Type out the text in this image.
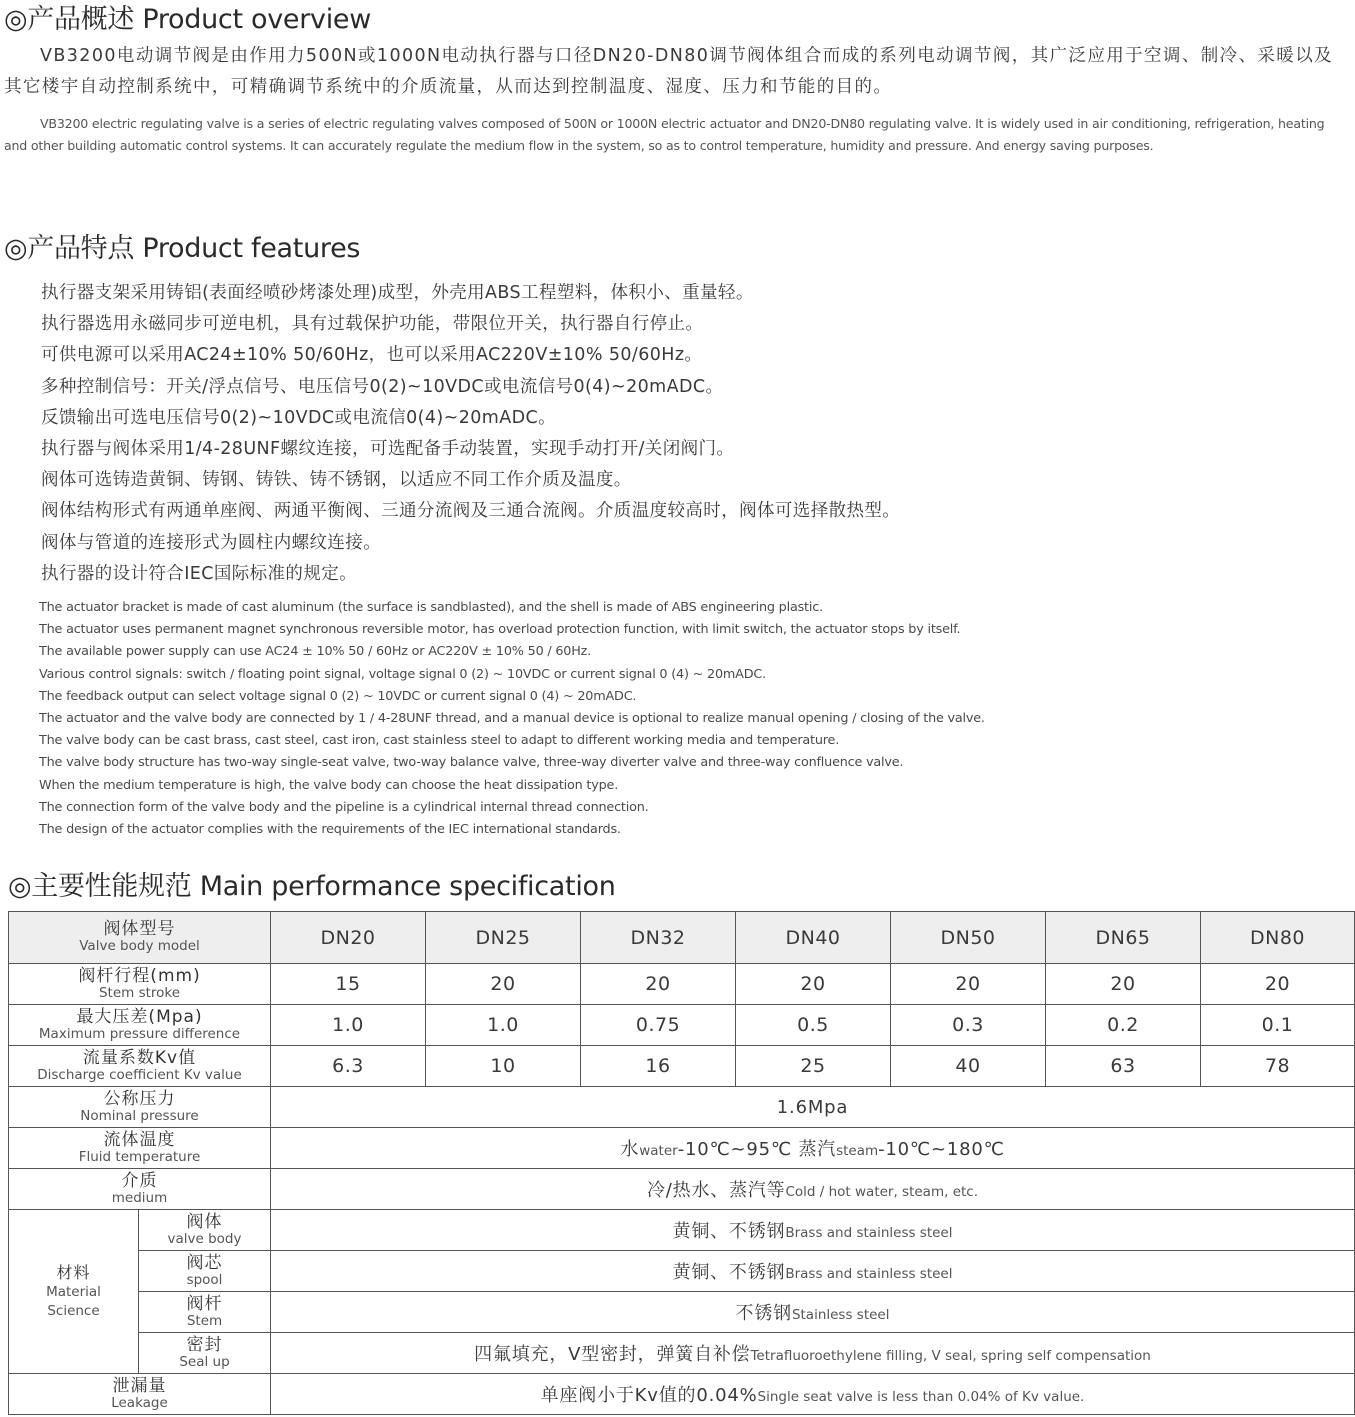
◎产品概述 Product overview

VB3200电动调节阀是由作用力500N或1000N电动执行器与口径DN20-DN80调节阀体组合而成的系列电动调节阀，其广泛应用于空调、制冷、采暖以及其它楼宇自动控制系统中，可精确调节系统中的介质流量，从而达到控制温度、湿度、压力和节能的目的。

VB3200 electric regulating valve is a series of electric regulating valves composed of 500N or 1000N electric actuator and DN20-DN80 regulating valve. It is widely used in air conditioning, refrigeration, heating and other building automatic control systems. It can accurately regulate the medium flow in the system, so as to control temperature, humidity and pressure. And energy saving purposes.

◎产品特点 Product features
执行器支架采用铸铝(表面经喷砂烤漆处理)成型，外壳用ABS工程塑料，体积小、重量轻。
执行器选用永磁同步可逆电机，具有过载保护功能，带限位开关，执行器自行停止。
可供电源可以采用AC24±10% 50/60Hz，也可以采用AC220V±10% 50/60Hz。
多种控制信号：开关/浮点信号、电压信号0(2)~10VDC或电流信号0(4)~20mADC。
反馈输出可选电压信号0(2)~10VDC或电流信0(4)~20mADC。
执行器与阀体采用1/4-28UNF螺纹连接，可选配备手动装置，实现手动打开/关闭阀门。
阀体可选铸造黄铜、铸钢、铸铁、铸不锈钢，以适应不同工作介质及温度。
阀体结构形式有两通单座阀、两通平衡阀、三通分流阀及三通合流阀。介质温度较高时，阀体可选择散热型。
阀体与管道的连接形式为圆柱内螺纹连接。
执行器的设计符合IEC国际标准的规定。
The actuator bracket is made of cast aluminum (the surface is sandblasted), and the shell is made of ABS engineering plastic.
The actuator uses permanent magnet synchronous reversible motor, has overload protection function, with limit switch, the actuator stops by itself.
The available power supply can use AC24 ± 10% 50 / 60Hz or AC220V ± 10% 50 / 60Hz.
Various control signals: switch / floating point signal, voltage signal 0 (2) ~ 10VDC or current signal 0 (4) ~ 20mADC.
The feedback output can select voltage signal 0 (2) ~ 10VDC or current signal 0 (4) ~ 20mADC.
The actuator and the valve body are connected by 1 / 4-28UNF thread, and a manual device is optional to realize manual opening / closing of the valve.
The valve body can be cast brass, cast steel, cast iron, cast stainless steel to adapt to different working media and temperature.
The valve body structure has two-way single-seat valve, two-way balance valve, three-way diverter valve and three-way confluence valve.
When the medium temperature is high, the valve body can choose the heat dissipation type.
The connection form of the valve body and the pipeline is a cylindrical internal thread connection.
The design of the actuator complies with the requirements of the IEC international standards.
◎主要性能规范 Main performance specification
阀体型号
Valve body model		DN20	DN25	DN32	DN40	DN50	DN65	DN80

阀杆行程(mm)
Stem stroke		15	20	20	20	20	20	20

最大压差(Mpa)
Maximum pressure difference		1.0	1.0	0.75	0.5	0.3	0.2	0.1

流量系数Kv值
Discharge coefficient Kv value		6.3	10	16	25	40	63	78

公称压力
Nominal pressure		1.6Mpa						

流体温度
Fluid temperature		水water-10℃~95℃ 蒸汽steam-10℃~180℃						

介质
medium		冷/热水、蒸汽等Cold / hot water, steam, etc.						

材料
Material
Science	阀体
valve body	黄铜、不锈钢Brass and stainless steel						

	阀芯
spool	黄铜、不锈钢Brass and stainless steel						

	阀杆
Stem	不锈钢Stainless steel						

	密封
Seal up	四氟填充，V型密封，弹簧自补偿Tetrafluoroethylene filling, V seal, spring self compensation						

泄漏量
Leakage		单座阀小于Kv值的0.04%Single seat valve is less than 0.04% of Kv value.						
